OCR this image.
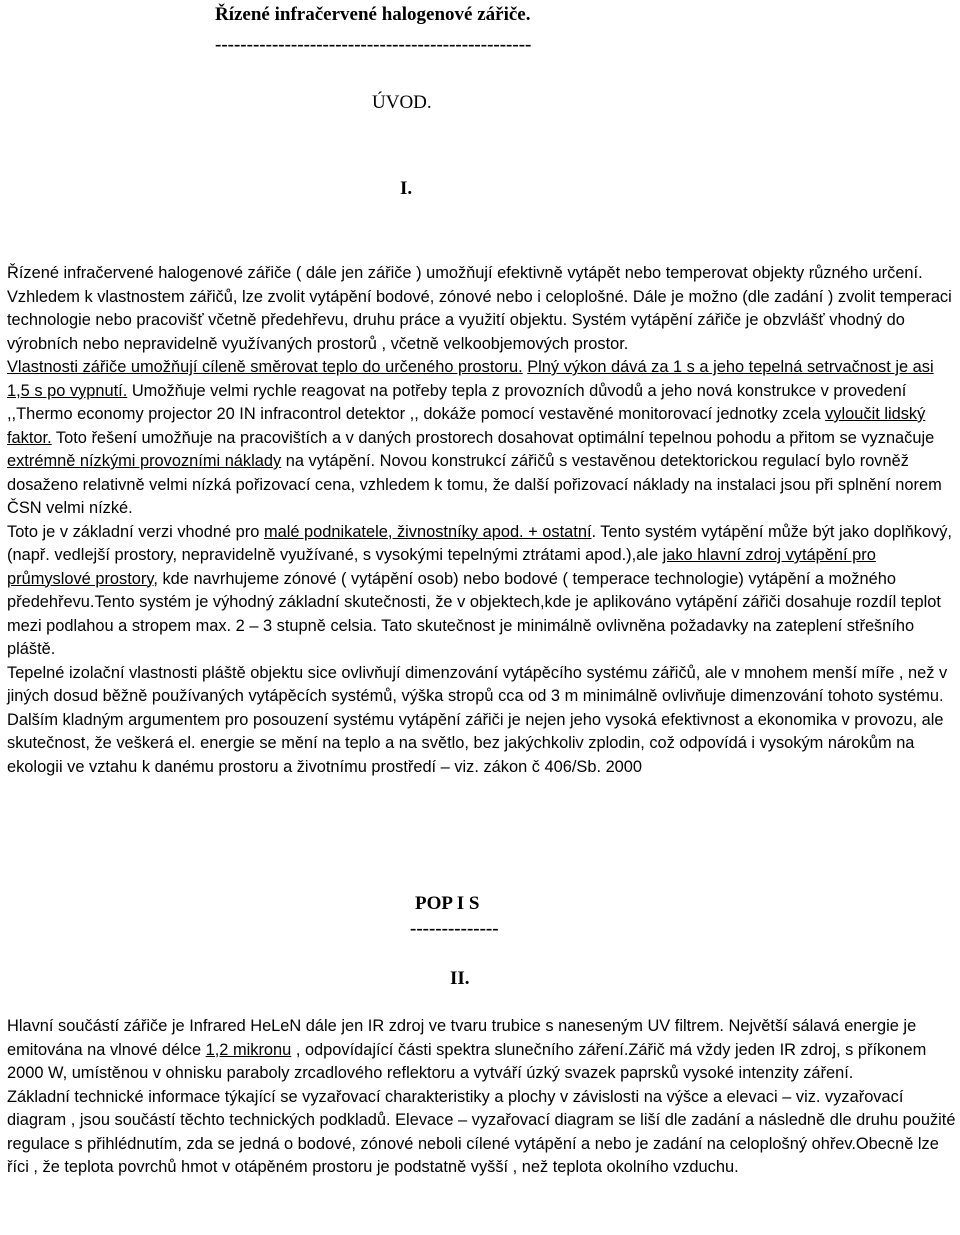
Řízené infračervené halogenové zářiče.
--------------------------------------------------
ÚVOD.
I.

Řízené infračervené halogenové zářiče ( dále jen zářiče ) umožňují efektivně vytápět nebo temperovat objekty různého určení. Vzhledem k vlastnostem zářičů, lze zvolit vytápění bodové, zónové nebo i celoplošné. Dále je možno (dle zadání ) zvolit temperaci technologie nebo pracovišť včetně předehřevu, druhu práce a využití objektu. Systém vytápění zářiče je obzvlášť vhodný do výrobních nebo nepravidelně využívaných prostorů , včetně velkoobjemových prostor.

Vlastnosti zářiče umožňují cíleně směrovat teplo do určeného prostoru. Plný výkon dává za 1 s a jeho tepelná setrvačnost je asi 1,5 s po vypnutí. Umožňuje velmi rychle reagovat na potřeby tepla z provozních důvodů a jeho nová konstrukce v provedení ,,Thermo economy projector 20 IN infracontrol detektor ,, dokáže pomocí vestavěné monitorovací jednotky zcela vyloučit lidský faktor. Toto řešení umožňuje na pracovištích a v daných prostorech dosahovat optimální tepelnou pohodu a přitom se vyznačuje extrémně nízkými provozními náklady na vytápění. Novou konstrukcí zářičů s vestavěnou detektorickou regulací bylo rovněž dosaženo relativně velmi nízká pořizovací cena, vzhledem k tomu, že další pořizovací náklady na instalaci jsou při splnění norem ČSN velmi nízké.

Toto je v základní verzi vhodné pro malé podnikatele, živnostníky apod. + ostatní. Tento systém vytápění může být jako doplňkový, (např. vedlejší prostory, nepravidelně využívané, s vysokými tepelnými ztrátami apod.),ale jako hlavní zdroj vytápění pro průmyslové prostory, kde navrhujeme zónové ( vytápění osob) nebo bodové ( temperace technologie) vytápění a možného předehřevu.Tento systém je výhodný základní skutečnosti, že v objektech,kde je aplikováno vytápění zářiči dosahuje rozdíl teplot mezi podlahou a stropem max. 2 – 3 stupně celsia. Tato skutečnost je minimálně ovlivněna požadavky na zateplení střešního pláště.

Tepelné izolační vlastnosti pláště objektu sice ovlivňují dimenzování vytápěcího systému zářičů, ale v mnohem menší míře , než v jiných dosud běžně používaných vytápěcích systémů, výška stropů cca od 3 m minimálně ovlivňuje dimenzování tohoto systému. Dalším kladným argumentem pro posouzení systému vytápění zářiči je nejen jeho vysoká efektivnost a ekonomika v provozu, ale skutečnost, že veškerá el. energie se mění na teplo a na světlo, bez jakýchkoliv zplodin, což odpovídá i vysokým nárokům na ekologii ve vztahu k danému prostoru a životnímu prostředí – viz. zákon č 406/Sb. 2000

POP I S
--------------
II.

Hlavní součástí zářiče je Infrared HeLeN dále jen IR zdroj ve tvaru trubice s naneseným UV filtrem. Největší sálavá energie je emitována na vlnové délce 1,2 mikronu , odpovídající části spektra slunečního záření.Zářič má vždy jeden IR zdroj, s příkonem 2000 W, umístěnou v ohnisku paraboly zrcadlového reflektoru a vytváří úzký svazek paprsků vysoké intenzity záření.

Základní technické informace týkající se vyzařovací charakteristiky a plochy v závislosti na výšce a elevaci – viz. vyzařovací diagram , jsou součástí těchto technických podkladů. Elevace – vyzařovací diagram se liší dle zadání a následně dle druhu použité regulace s přihlédnutím, zda se jedná o bodové, zónové neboli cílené vytápění a nebo je zadání na celoplošný ohřev.Obecně lze říci , že teplota povrchů hmot v otápěném prostoru je podstatně vyšší , než teplota okolního vzduchu.
